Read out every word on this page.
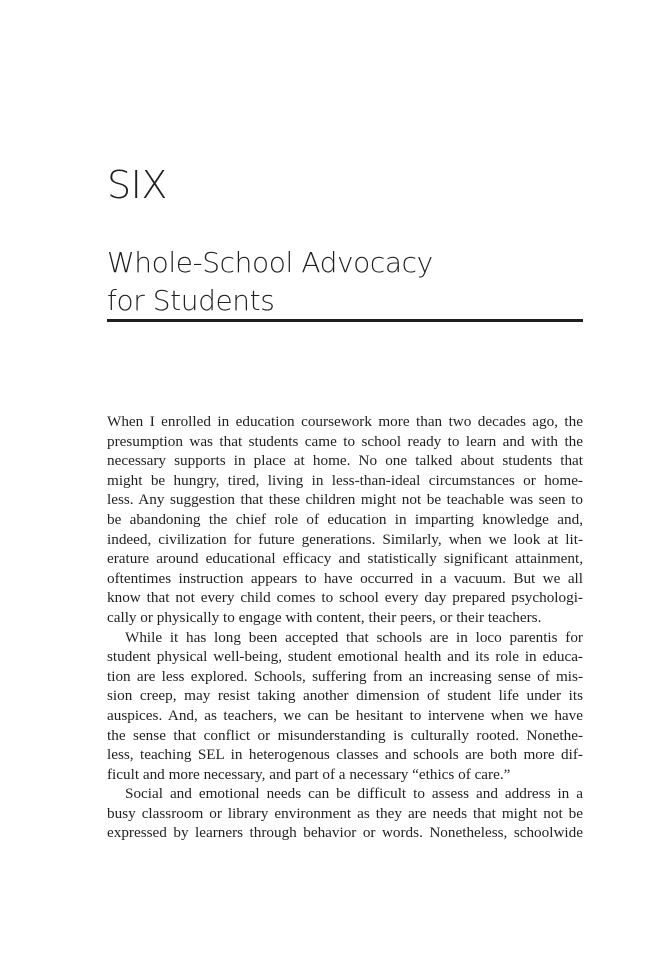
SIX
Whole-School Advocacy
for Students

When I enrolled in education coursework more than two decades ago, the
presumption was that students came to school ready to learn and with the
necessary supports in place at home. No one talked about students that
might be hungry, tired, living in less-than-ideal circumstances or home-
less. Any suggestion that these children might not be teachable was seen to
be abandoning the chief role of education in imparting knowledge and,
indeed, civilization for future generations. Similarly, when we look at lit-
erature around educational efficacy and statistically significant attainment,
oftentimes instruction appears to have occurred in a vacuum. But we all
know that not every child comes to school every day prepared psychologi-
cally or physically to engage with content, their peers, or their teachers.

While it has long been accepted that schools are in loco parentis for
student physical well-being, student emotional health and its role in educa-
tion are less explored. Schools, suffering from an increasing sense of mis-
sion creep, may resist taking another dimension of student life under its
auspices. And, as teachers, we can be hesitant to intervene when we have
the sense that conflict or misunderstanding is culturally rooted. Nonethe-
less, teaching SEL in heterogenous classes and schools are both more dif-
ficult and more necessary, and part of a necessary “ethics of care.”

Social and emotional needs can be difficult to assess and address in a
busy classroom or library environment as they are needs that might not be
expressed by learners through behavior or words. Nonetheless, schoolwide
